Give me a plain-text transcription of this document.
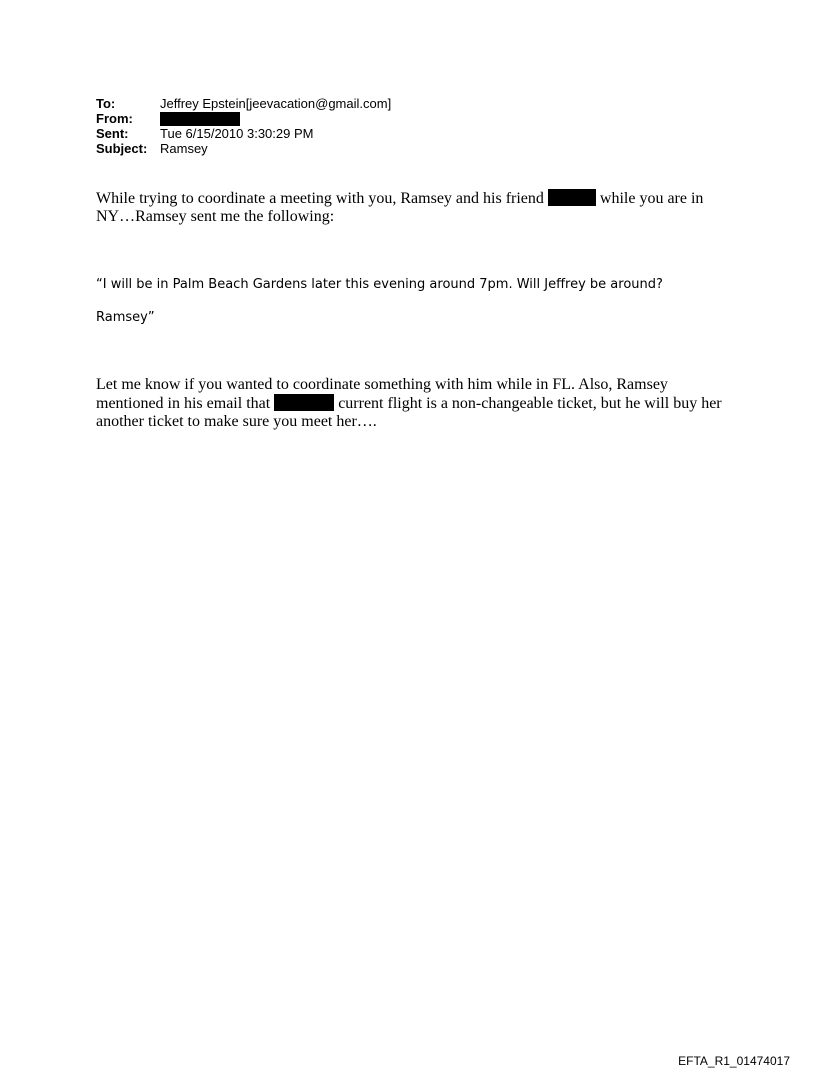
To:	Jeffrey Epstein[jeevacation@gmail.com]
From:
Sent:	Tue 6/15/2010 3:30:29 PM
Subject: Ramsey
While trying to coordinate a meeting with you, Ramsey and his friend	while you are in NY…Ramsey sent me the following:
“I will be in Palm Beach Gardens later this evening around 7pm. Will Jeffrey be around?
Ramsey”
Let me know if you wanted to coordinate something with him while in FL. Also, Ramsey mentioned in his email that	current flight is a non-changeable ticket, but he will buy her another ticket to make sure you meet her….
EFTA_R1_01474017
